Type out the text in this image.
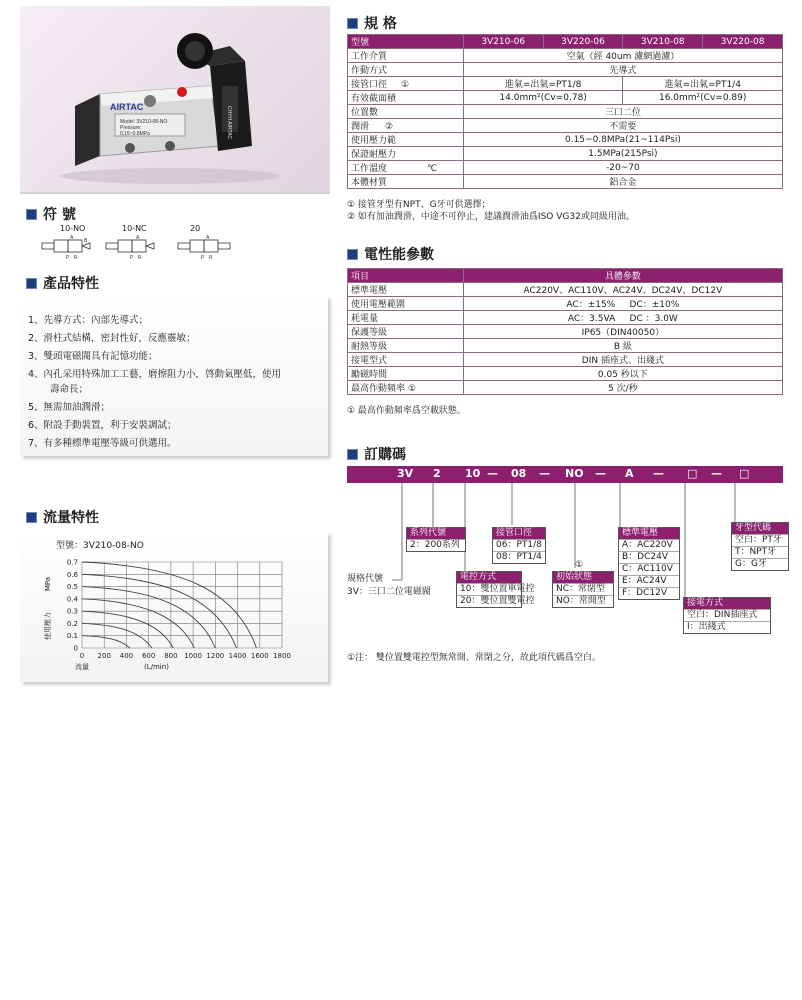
AIRTAC
Model: 3V210-08-NO
Pressure:
0.15~0.8MPa	CHYH AIRTAC
符 號
10-NO	10-NC	20
A
P R
A
P R
A
P R
B
產品特性
1、先導方式：內部先導式；
2、滑柱式結構，密封性好，反應靈敏；
3、雙頭電磁閥具有記憶功能；
4、內孔采用特殊加工工藝，磨擦阻力小，啓動氣壓低，使用
壽命長；
5、無需加油潤滑；
6、附設手動裝置，利于安裝調試；
7、有多種標準電壓等級可供選用。
流量特性
型號：3V210-08-NO
0 200 400 600 800 1000 1200 1400 1600 1800
0
0.1
0.2
0.3
0.4
0.5
0.6
0.7
MPa
使用壓力
流量	(L/min)
規 格
型號	3V210-06	3V220-06	3V210-08	3V220-08
工作介質	空氣（經 40um 濾網過濾）			
作動方式	先導式			
接管口徑 ①	進氣=出氣=PT1/8		進氣=出氣=PT1/4	
有效截面積	14.0mm²(Cv=0.78)		16.0mm²(Cv=0.89)	
位置數	三口二位			
潤滑 ②	不需要			
使用壓力範	0.15~0.8MPa(21~114Psi)			
保證耐壓力	1.5MPa(215Psi)			
工作溫度 ℃	-20~70			
本體材質	鋁合金			
① 接管牙型有NPT、G牙可供選擇；
② 如有加油潤滑，中途不可停止，建議潤滑油爲ISO VG32或同級用油。
電性能參數
項目	具體參數
標準電壓	AC220V、AC110V、AC24V、DC24V、DC12V
使用電壓範圍	AC：±15%     DC：±10%
耗電量	AC：3.5VA     DC ：3.0W
保護等級	IP65（DIN40050）
耐熱等級	B 級
接電型式	DIN 插座式、出綫式
勵磁時間	0.05 秒以下
最高作動頻率 ①	5 次/秒
① 最高作動頻率爲空載狀態。
訂購碼
3V 2 10 — 08 — NO — A — □ — □
規格代號
3V：三口二位電磁閥
系列代號
2：200系列
電控方式
10：雙位置單電控
20：雙位置雙電控
接管口徑
06：PT1/8
08：PT1/4
①
初始狀態
NC：常閉型
NO：常開型
標準電壓
A：AC220V
B：DC24V
C：AC110V
E：AC24V
F：DC12V
接電方式
空白：DIN插座式
I：出綫式
牙型代碼
空白：PT牙
T：NPT牙
G：G牙
①注： 雙位置雙電控型無常開、常閉之分，故此項代碼爲空白。
